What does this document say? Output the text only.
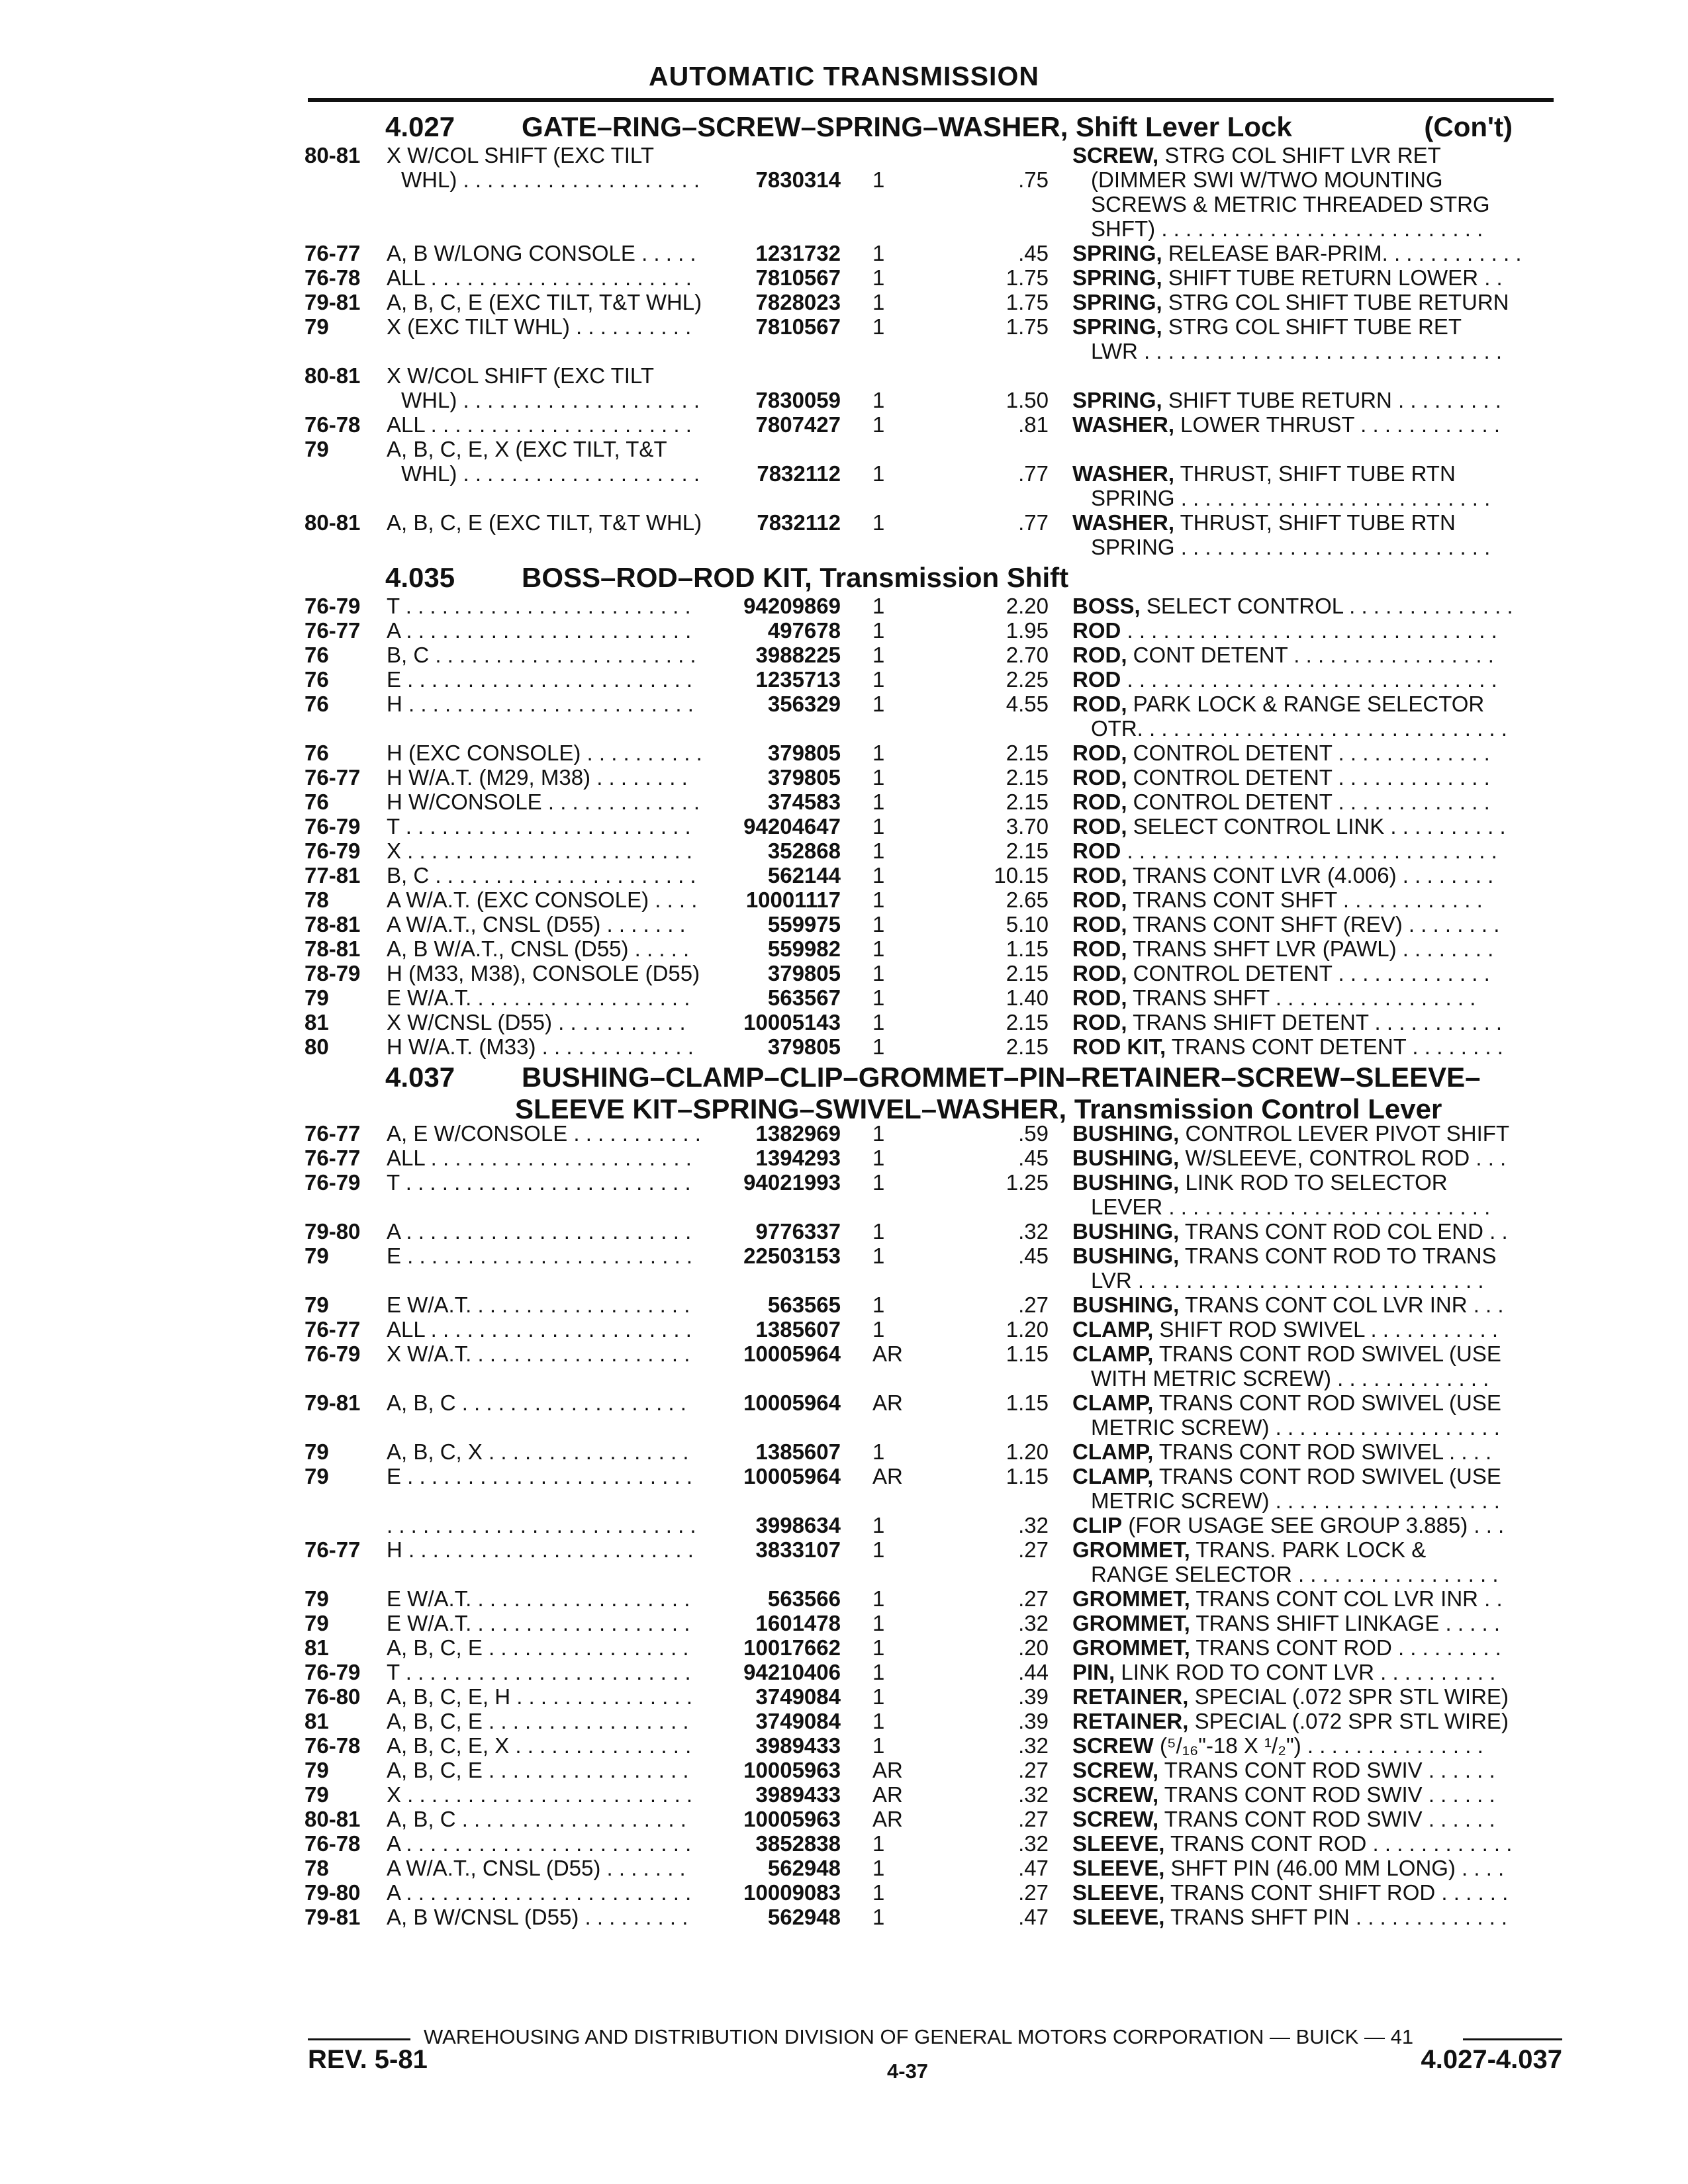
AUTOMATIC TRANSMISSION
4.027 GATE–RING–SCREW–SPRING–WASHER, Shift Lever Lock	(Con't)
80-81	X W/COL SHIFT (EXC TILT
WHL) . . . . . . . . . . . . . . . . . . . .	7830314 1	.75
SCREW, STRG COL SHIFT LVR RET
(DIMMER SWI W/TWO MOUNTING
SCREWS & METRIC THREADED STRG
SHFT) . . . . . . . . . . . . . . . . . . . . . . . . . . .
76-77	A, B W/LONG CONSOLE . . . . .	1231732 1	.45 SPRING, RELEASE BAR-PRIM. . . . . . . . . . . .
76-78	ALL . . . . . . . . . . . . . . . . . . . . . .	7810567 1	1.75 SPRING, SHIFT TUBE RETURN LOWER . .
79-81	A, B, C, E (EXC TILT, T&T WHL)	7828023 1	1.75 SPRING, STRG COL SHIFT TUBE RETURN
79	X (EXC TILT WHL) . . . . . . . . . .	7810567 1	1.75 SPRING, STRG COL SHIFT TUBE RET
LWR . . . . . . . . . . . . . . . . . . . . . . . . . . . . . .
80-81	X W/COL SHIFT (EXC TILT
WHL) . . . . . . . . . . . . . . . . . . . .	7830059 1	1.50 SPRING, SHIFT TUBE RETURN . . . . . . . . .
76-78	ALL . . . . . . . . . . . . . . . . . . . . . .	7807427 1	.81 WASHER, LOWER THRUST . . . . . . . . . . . .
79	A, B, C, E, X (EXC TILT, T&T
WHL) . . . . . . . . . . . . . . . . . . . .	7832112 1	.77 WASHER, THRUST, SHIFT TUBE RTN
SPRING . . . . . . . . . . . . . . . . . . . . . . . . . .
80-81	A, B, C, E (EXC TILT, T&T WHL)	7832112 1	.77 WASHER, THRUST, SHIFT TUBE RTN
SPRING . . . . . . . . . . . . . . . . . . . . . . . . . .
4.035 BOSS–ROD–ROD KIT, Transmission Shift
76-79	T . . . . . . . . . . . . . . . . . . . . . . . .	94209869 1	2.20 BOSS, SELECT CONTROL . . . . . . . . . . . . . .
76-77	A . . . . . . . . . . . . . . . . . . . . . . . .	497678 1	1.95 ROD . . . . . . . . . . . . . . . . . . . . . . . . . . . . . . .
76	B, C . . . . . . . . . . . . . . . . . . . . . .	3988225 1	2.70 ROD, CONT DETENT . . . . . . . . . . . . . . . . .
76	E . . . . . . . . . . . . . . . . . . . . . . . .	1235713 1	2.25 ROD . . . . . . . . . . . . . . . . . . . . . . . . . . . . . . .
76	H . . . . . . . . . . . . . . . . . . . . . . . .	356329 1	4.55 ROD, PARK LOCK & RANGE SELECTOR
OTR. . . . . . . . . . . . . . . . . . . . . . . . . . . . . . .
76	H (EXC CONSOLE) . . . . . . . . . .	379805 1	2.15 ROD, CONTROL DETENT . . . . . . . . . . . . .
76-77	H W/A.T. (M29, M38) . . . . . . . .	379805 1	2.15 ROD, CONTROL DETENT . . . . . . . . . . . . .
76	H W/CONSOLE . . . . . . . . . . . . .	374583 1	2.15 ROD, CONTROL DETENT . . . . . . . . . . . . .
76-79	T . . . . . . . . . . . . . . . . . . . . . . . .	94204647 1	3.70 ROD, SELECT CONTROL LINK . . . . . . . . . .
76-79	X . . . . . . . . . . . . . . . . . . . . . . . .	352868 1	2.15 ROD . . . . . . . . . . . . . . . . . . . . . . . . . . . . . . .
77-81	B, C . . . . . . . . . . . . . . . . . . . . . .	562144 1	10.15 ROD, TRANS CONT LVR (4.006) . . . . . . . .
78	A W/A.T. (EXC CONSOLE) . . . .	10001117 1	2.65 ROD, TRANS CONT SHFT . . . . . . . . . . . .
78-81	A W/A.T., CNSL (D55) . . . . . . .	559975 1	5.10 ROD, TRANS CONT SHFT (REV) . . . . . . . .
78-81	A, B W/A.T., CNSL (D55) . . . . .	559982 1	1.15 ROD, TRANS SHFT LVR (PAWL) . . . . . . . .
78-79	H (M33, M38), CONSOLE (D55)	379805 1	2.15 ROD, CONTROL DETENT . . . . . . . . . . . . .
79	E W/A.T. . . . . . . . . . . . . . . . . . .	563567 1	1.40 ROD, TRANS SHFT . . . . . . . . . . . . . . . . .
81	X W/CNSL (D55) . . . . . . . . . . .	10005143 1	2.15 ROD, TRANS SHIFT DETENT . . . . . . . . . . .
80	H W/A.T. (M33) . . . . . . . . . . . . .	379805 1	2.15 ROD KIT, TRANS CONT DETENT . . . . . . . .
4.037 BUSHING–CLAMP–CLIP–GROMMET–PIN–RETAINER–SCREW–SLEEVE–
SLEEVE KIT–SPRING–SWIVEL–WASHER, Transmission Control Lever
76-77	A, E W/CONSOLE . . . . . . . . . . .	1382969 1	.59 BUSHING, CONTROL LEVER PIVOT SHIFT
76-77	ALL . . . . . . . . . . . . . . . . . . . . . .	1394293 1	.45 BUSHING, W/SLEEVE, CONTROL ROD . . .
76-79	T . . . . . . . . . . . . . . . . . . . . . . . .	94021993 1	1.25 BUSHING, LINK ROD TO SELECTOR
LEVER . . . . . . . . . . . . . . . . . . . . . . . . . . .
79-80	A . . . . . . . . . . . . . . . . . . . . . . . .	9776337 1	.32 BUSHING, TRANS CONT ROD COL END . .
79	E . . . . . . . . . . . . . . . . . . . . . . . .	22503153 1	.45 BUSHING, TRANS CONT ROD TO TRANS
LVR . . . . . . . . . . . . . . . . . . . . . . . . . . . . .
79	E W/A.T. . . . . . . . . . . . . . . . . . .	563565 1	.27 BUSHING, TRANS CONT COL LVR INR . . .
76-77	ALL . . . . . . . . . . . . . . . . . . . . . .	1385607 1	1.20 CLAMP, SHIFT ROD SWIVEL . . . . . . . . . . .
76-79	X W/A.T. . . . . . . . . . . . . . . . . . .	10005964 AR	1.15 CLAMP, TRANS CONT ROD SWIVEL (USE
WITH METRIC SCREW) . . . . . . . . . . . . .
79-81	A, B, C . . . . . . . . . . . . . . . . . . .	10005964 AR	1.15 CLAMP, TRANS CONT ROD SWIVEL (USE
METRIC SCREW) . . . . . . . . . . . . . . . . . . .
79	A, B, C, X . . . . . . . . . . . . . . . . .	1385607 1	1.20 CLAMP, TRANS CONT ROD SWIVEL . . . .
79	E . . . . . . . . . . . . . . . . . . . . . . . .	10005964 AR	1.15 CLAMP, TRANS CONT ROD SWIVEL (USE
METRIC SCREW) . . . . . . . . . . . . . . . . . . .
. . . . . . . . . . . . . . . . . . . . . . . . . .	3998634 1	.32 CLIP (FOR USAGE SEE GROUP 3.885) . . .
76-77	H . . . . . . . . . . . . . . . . . . . . . . . .	3833107 1	.27 GROMMET, TRANS. PARK LOCK &
RANGE SELECTOR . . . . . . . . . . . . . . . . .
79	E W/A.T. . . . . . . . . . . . . . . . . . .	563566 1	.27 GROMMET, TRANS CONT COL LVR INR . .
79	E W/A.T. . . . . . . . . . . . . . . . . . .	1601478 1	.32 GROMMET, TRANS SHIFT LINKAGE . . . . .
81	A, B, C, E . . . . . . . . . . . . . . . . .	10017662 1	.20 GROMMET, TRANS CONT ROD . . . . . . . . .
76-79	T . . . . . . . . . . . . . . . . . . . . . . . .	94210406 1	.44 PIN, LINK ROD TO CONT LVR . . . . . . . . . .
76-80	A, B, C, E, H . . . . . . . . . . . . . . .	3749084 1	.39 RETAINER, SPECIAL (.072 SPR STL WIRE)
81	A, B, C, E . . . . . . . . . . . . . . . . .	3749084 1	.39 RETAINER, SPECIAL (.072 SPR STL WIRE)
76-78	A, B, C, E, X . . . . . . . . . . . . . . .	3989433 1	.32 SCREW (⁵/₁₆"-18 X ¹/₂") . . . . . . . . . . . . . . .
79	A, B, C, E . . . . . . . . . . . . . . . . .	10005963 AR	.27 SCREW, TRANS CONT ROD SWIV . . . . . .
79	X . . . . . . . . . . . . . . . . . . . . . . . .	3989433 AR	.32 SCREW, TRANS CONT ROD SWIV . . . . . .
80-81	A, B, C . . . . . . . . . . . . . . . . . . .	10005963 AR	.27 SCREW, TRANS CONT ROD SWIV . . . . . .
76-78	A . . . . . . . . . . . . . . . . . . . . . . . .	3852838 1	.32 SLEEVE, TRANS CONT ROD . . . . . . . . . . . .
78	A W/A.T., CNSL (D55) . . . . . . .	562948 1	.47 SLEEVE, SHFT PIN (46.00 MM LONG) . . . .
79-80	A . . . . . . . . . . . . . . . . . . . . . . . .	10009083 1	.27 SLEEVE, TRANS CONT SHIFT ROD . . . . . .
79-81	A, B W/CNSL (D55) . . . . . . . . .	562948 1	.47 SLEEVE, TRANS SHFT PIN . . . . . . . . . . . . .
WAREHOUSING AND DISTRIBUTION DIVISION OF GENERAL MOTORS CORPORATION — BUICK — 41
REV. 5-81	4-37	4.027-4.037
